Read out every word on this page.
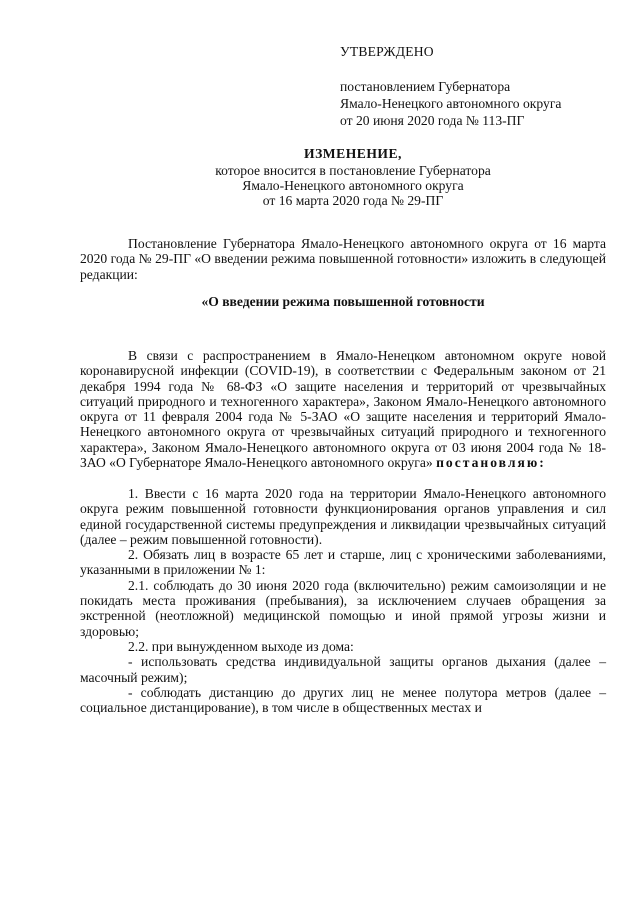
УТВЕРЖДЕНО
постановлением Губернатора
Ямало-Ненецкого автономного округа
от 20 июня 2020 года № 113-ПГ
ИЗМЕНЕНИЕ,
которое вносится в постановление Губернатора
Ямало-Ненецкого автономного округа
от 16 марта 2020 года № 29-ПГ

Постановление Губернатора Ямало-Ненецкого автономного округа от 16 марта 2020 года № 29-ПГ «О введении режима повышенной готовности» изложить в следующей редакции:

«О введении режима повышенной готовности

В связи с распространением в Ямало-Ненецком автономном округе новой коронавирусной инфекции (COVID-19), в соответствии с Федеральным законом от 21 декабря 1994 года № 68-ФЗ «О защите населения и территорий от чрезвычайных ситуаций природного и техногенного характера», Законом Ямало-Ненецкого автономного округа от 11 февраля 2004 года № 5-ЗАО «О защите населения и территорий Ямало-Ненецкого автономного округа от чрезвычайных ситуаций природного и техногенного характера», Законом Ямало-Ненецкого автономного округа от 03 июня 2004 года № 18-ЗАО «О Губернаторе Ямало-Ненецкого автономного округа» постановляю:

1. Ввести с 16 марта 2020 года на территории Ямало-Ненецкого автономного округа режим повышенной готовности функционирования органов управления и сил единой государственной системы предупреждения и ликвидации чрезвычайных ситуаций (далее – режим повышенной готовности).

2. Обязать лиц в возрасте 65 лет и старше, лиц с хроническими заболеваниями, указанными в приложении № 1:

2.1. соблюдать до 30 июня 2020 года (включительно) режим самоизоляции и не покидать места проживания (пребывания), за исключением случаев обращения за экстренной (неотложной) медицинской помощью и иной прямой угрозы жизни и здоровью;

2.2. при вынужденном выходе из дома:

- использовать средства индивидуальной защиты органов дыхания (далее – масочный режим);

- соблюдать дистанцию до других лиц не менее полутора метров (далее – социальное дистанцирование), в том числе в общественных местах и
